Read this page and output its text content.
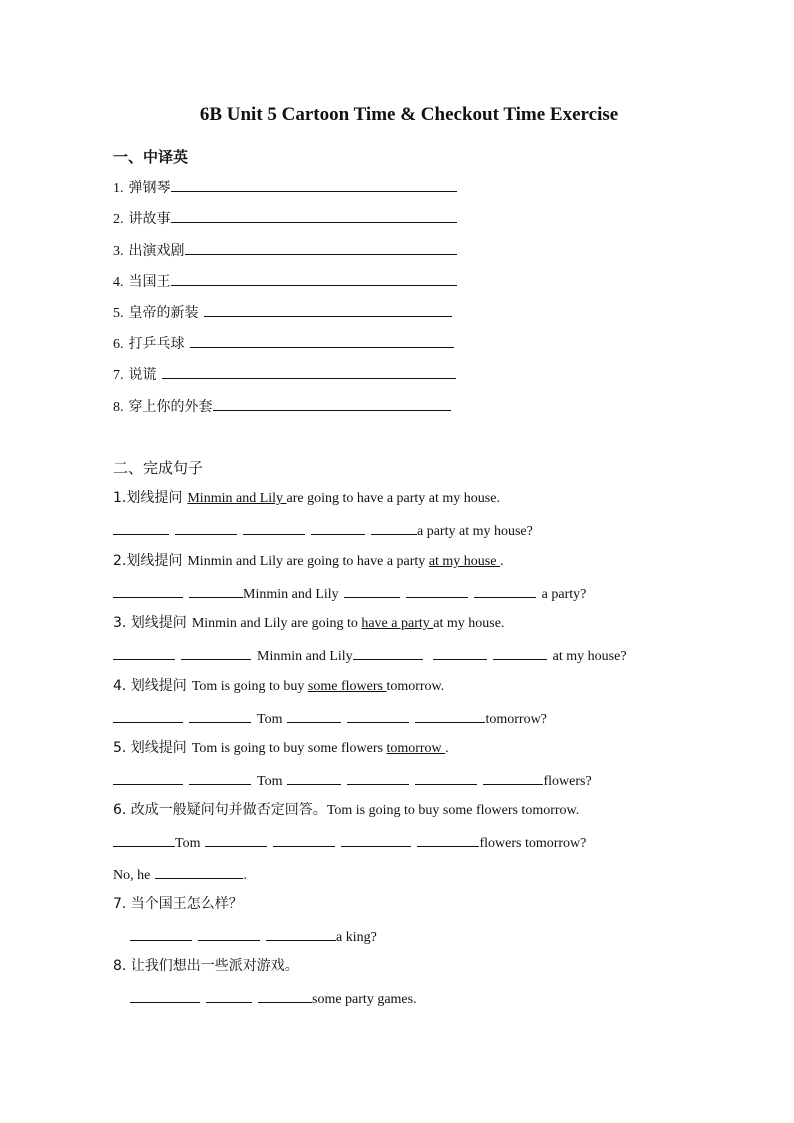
6B Unit 5 Cartoon Time & Checkout Time Exercise
一、中译英
1. 弹钢琴
2. 讲故事
3. 出演戏剧
4. 当国王
5. 皇帝的新装
6. 打乒乓球
7. 说谎
8. 穿上你的外套
二、完成句子
1.划线提问 Minmin and Lily are going to have a party at my house.
a party at my house?
2.划线提问 Minmin and Lily are going to have a party at my house .
Minmin and Lily	a party?
3. 划线提问 Minmin and Lily are going to have a party at my house.
Minmin and Lily	at my house?
4. 划线提问 Tom is going to buy some flowers tomorrow.
Tom	tomorrow?
5. 划线提问 Tom is going to buy some flowers tomorrow .
Tom	flowers?
6. 改成一般疑问句并做否定回答。Tom is going to buy some flowers tomorrow.
Tom	flowers tomorrow?
No, he	.
7. 当个国王怎么样？
a king?
8. 让我们想出一些派对游戏。
some party games.
